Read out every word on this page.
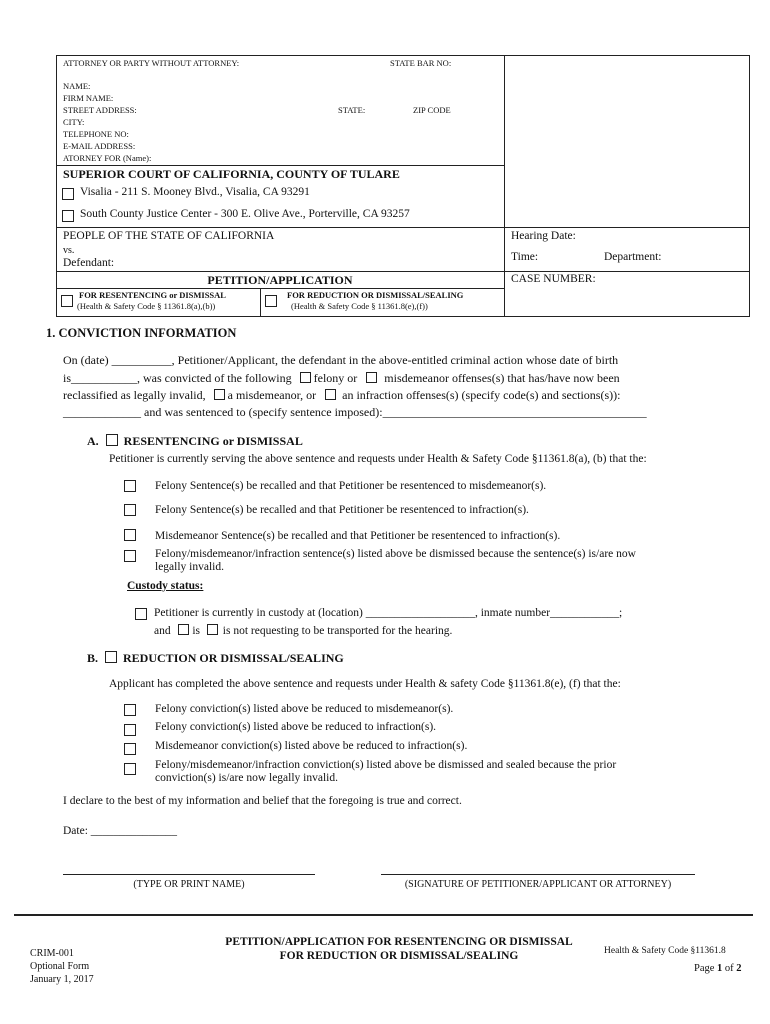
ATTORNEY OR PARTY WITHOUT ATTORNEY:	STATE BAR NO:
NAME:
FIRM NAME:
STREET ADDRESS:	STATE:	ZIP CODE
CITY:
TELEPHONE NO:
E-MAIL ADDRESS:
ATORNEY FOR (Name):
SUPERIOR COURT OF CALIFORNIA, COUNTY OF TULARE
Visalia - 211 S. Mooney Blvd., Visalia, CA 93291
South County Justice Center - 300 E. Olive Ave., Porterville, CA 93257
PEOPLE OF THE STATE OF CALIFORNIA
vs.
Defendant:
Hearing Date:
Time:	Department:
PETITION/APPLICATION	CASE NUMBER:
FOR RESENTENCING or DISMISSAL
(Health & Safety Code § 11361.8(a),(b))
FOR REDUCTION OR DISMISSAL/SEALING
(Health & Safety Code § 11361.8(e),(f))
1. CONVICTION INFORMATION
On (date) __________, Petitioner/Applicant, the defendant in the above-entitled criminal action whose date of birth
is___________, was convicted of the following felony or misdemeanor offenses(s) that has/have now been
reclassified as legally invalid, a misdemeanor, or an infraction offenses(s) (specify code(s) and sections(s)):
_____________ and was sentenced to (specify sentence imposed):____________________________________________
A. RESENTENCING or DISMISSAL
Petitioner is currently serving the above sentence and requests under Health & Safety Code §11361.8(a), (b) that the:
Felony Sentence(s) be recalled and that Petitioner be resentenced to misdemeanor(s).
Felony Sentence(s) be recalled and that Petitioner be resentenced to infraction(s).
Misdemeanor Sentence(s) be recalled and that Petitioner be resentenced to infraction(s).
Felony/misdemeanor/infraction sentence(s) listed above be dismissed because the sentence(s) is/are now
legally invalid.
Custody status:
Petitioner is currently in custody at (location) ___________________, inmate number____________;
and is is not requesting to be transported for the hearing.
B. REDUCTION OR DISMISSAL/SEALING
Applicant has completed the above sentence and requests under Health & safety Code §11361.8(e), (f) that the:
Felony conviction(s) listed above be reduced to misdemeanor(s).
Felony conviction(s) listed above be reduced to infraction(s).
Misdemeanor conviction(s) listed above be reduced to infraction(s).
Felony/misdemeanor/infraction conviction(s) listed above be dismissed and sealed because the prior
conviction(s) is/are now legally invalid.
I declare to the best of my information and belief that the foregoing is true and correct.
Date: _______________
(TYPE OR PRINT NAME)	(SIGNATURE OF PETITIONER/APPLICANT OR ATTORNEY)
CRIM-001
Optional Form
January 1, 2017
PETITION/APPLICATION FOR RESENTENCING OR DISMISSAL
FOR REDUCTION OR DISMISSAL/SEALING	Health & Safety Code §11361.8
Page 1 of 2
